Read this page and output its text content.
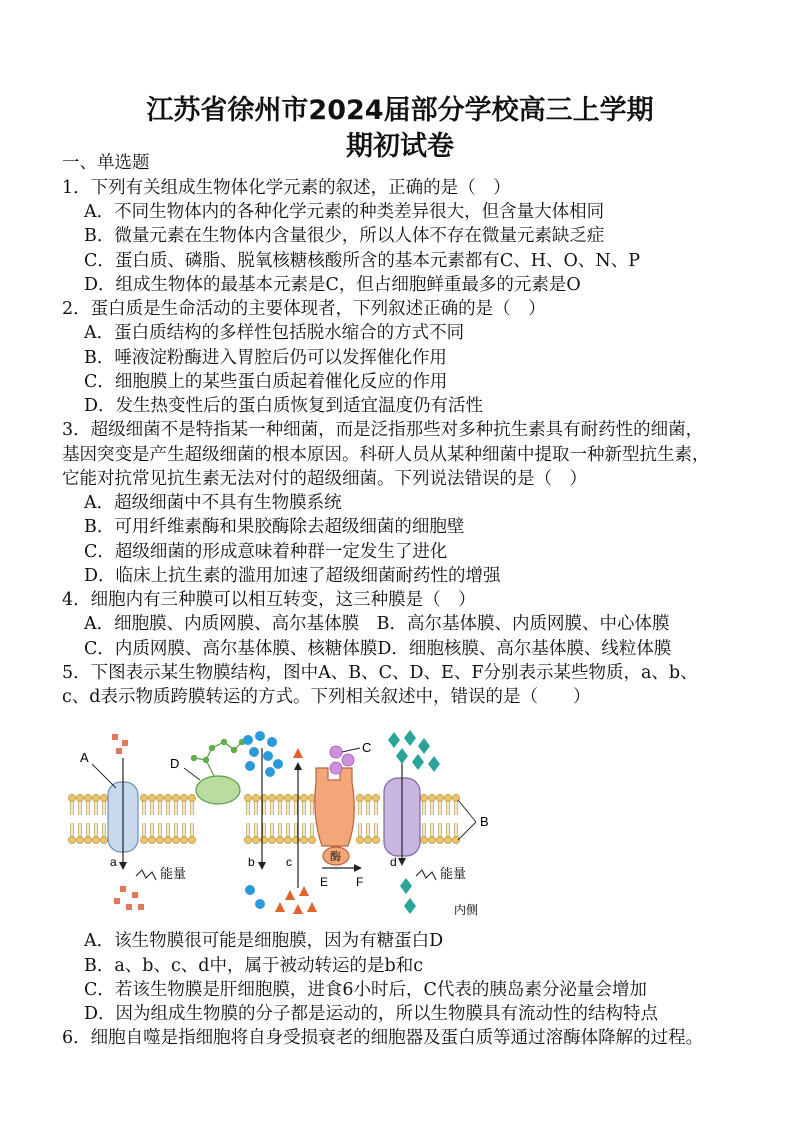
江苏省徐州市2024届部分学校高三上学期
期初试卷
一、单选题
1．下列有关组成生物体化学元素的叙述，正确的是（　）
A．不同生物体内的各种化学元素的种类差异很大，但含量大体相同
B．微量元素在生物体内含量很少，所以人体不存在微量元素缺乏症
C．蛋白质、磷脂、脱氧核糖核酸所含的基本元素都有C、H、O、N、P
D．组成生物体的最基本元素是C，但占细胞鲜重最多的元素是O
2．蛋白质是生命活动的主要体现者，下列叙述正确的是（　）
A．蛋白质结构的多样性包括脱水缩合的方式不同
B．唾液淀粉酶进入胃腔后仍可以发挥催化作用
C．细胞膜上的某些蛋白质起着催化反应的作用
D．发生热变性后的蛋白质恢复到适宜温度仍有活性
3．超级细菌不是特指某一种细菌，而是泛指那些对多种抗生素具有耐药性的细菌，
基因突变是产生超级细菌的根本原因。科研人员从某种细菌中提取一种新型抗生素，
它能对抗常见抗生素无法对付的超级细菌。下列说法错误的是（　）
A．超级细菌中不具有生物膜系统
B．可用纤维素酶和果胶酶除去超级细菌的细胞壁
C．超级细菌的形成意味着种群一定发生了进化
D．临床上抗生素的滥用加速了超级细菌耐药性的增强
4．细胞内有三种膜可以相互转变，这三种膜是（　）
A．细胞膜、内质网膜、高尔基体膜　B．高尔基体膜、内质网膜、中心体膜
C．内质网膜、高尔基体膜、核糖体膜D．细胞核膜、高尔基体膜、线粒体膜
5．下图表示某生物膜结构，图中A、B、C、D、E、F分别表示某些物质，a、b、
c、d表示物质跨膜转运的方式。下列相关叙述中，错误的是（　　）
A	D
C
B
a	b	c	d
E F
能量	能量
酶
内侧
A．该生物膜很可能是细胞膜，因为有糖蛋白D
B．a、b、c、d中，属于被动转运的是b和c
C．若该生物膜是肝细胞膜，进食6小时后，C代表的胰岛素分泌量会增加
D．因为组成生物膜的分子都是运动的，所以生物膜具有流动性的结构特点
6．细胞自噬是指细胞将自身受损衰老的细胞器及蛋白质等通过溶酶体降解的过程。
